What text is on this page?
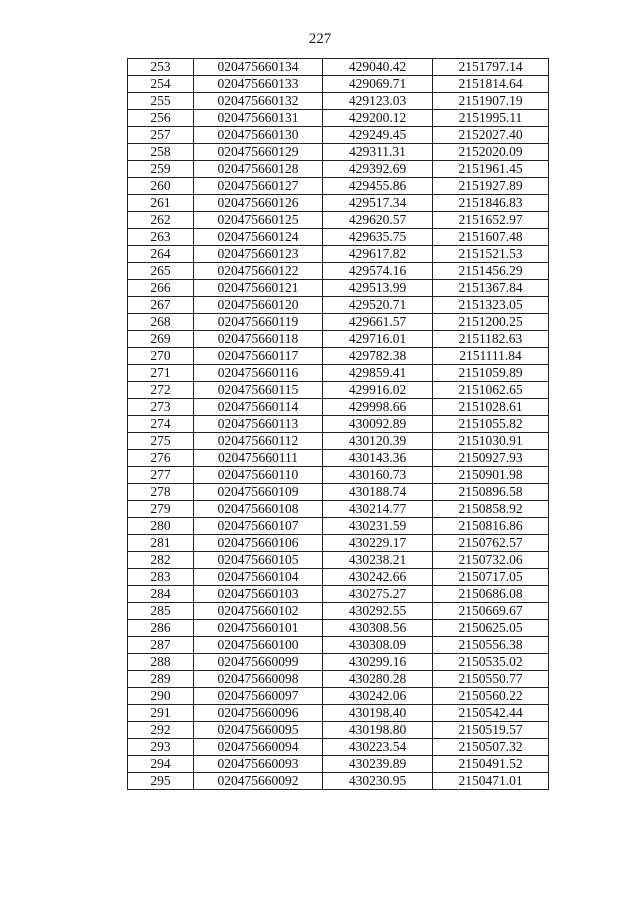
227
253	020475660134	429040.42	2151797.14
254	020475660133	429069.71	2151814.64
255	020475660132	429123.03	2151907.19
256	020475660131	429200.12	2151995.11
257	020475660130	429249.45	2152027.40
258	020475660129	429311.31	2152020.09
259	020475660128	429392.69	2151961.45
260	020475660127	429455.86	2151927.89
261	020475660126	429517.34	2151846.83
262	020475660125	429620.57	2151652.97
263	020475660124	429635.75	2151607.48
264	020475660123	429617.82	2151521.53
265	020475660122	429574.16	2151456.29
266	020475660121	429513.99	2151367.84
267	020475660120	429520.71	2151323.05
268	020475660119	429661.57	2151200.25
269	020475660118	429716.01	2151182.63
270	020475660117	429782.38	2151111.84
271	020475660116	429859.41	2151059.89
272	020475660115	429916.02	2151062.65
273	020475660114	429998.66	2151028.61
274	020475660113	430092.89	2151055.82
275	020475660112	430120.39	2151030.91
276	020475660111	430143.36	2150927.93
277	020475660110	430160.73	2150901.98
278	020475660109	430188.74	2150896.58
279	020475660108	430214.77	2150858.92
280	020475660107	430231.59	2150816.86
281	020475660106	430229.17	2150762.57
282	020475660105	430238.21	2150732.06
283	020475660104	430242.66	2150717.05
284	020475660103	430275.27	2150686.08
285	020475660102	430292.55	2150669.67
286	020475660101	430308.56	2150625.05
287	020475660100	430308.09	2150556.38
288	020475660099	430299.16	2150535.02
289	020475660098	430280.28	2150550.77
290	020475660097	430242.06	2150560.22
291	020475660096	430198.40	2150542.44
292	020475660095	430198.80	2150519.57
293	020475660094	430223.54	2150507.32
294	020475660093	430239.89	2150491.52
295	020475660092	430230.95	2150471.01
